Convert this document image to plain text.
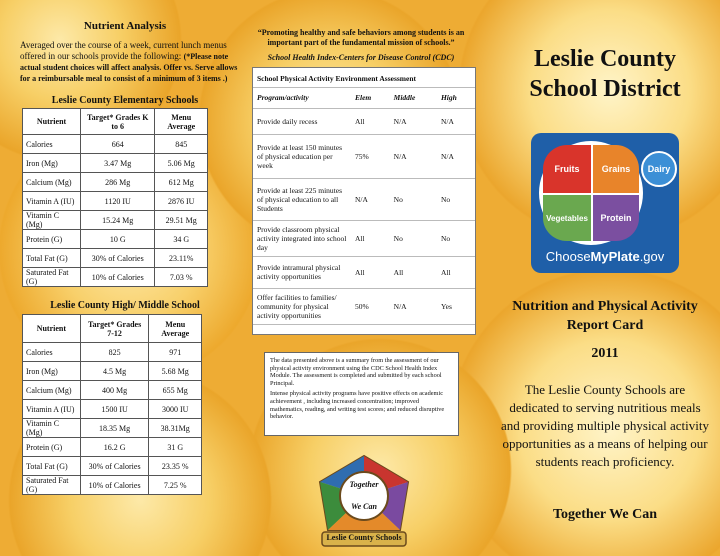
Nutrient Analysis
Averaged over the course of a week, current lunch menus offered in our schools provide the following: (*Please note actual student choices will affect analysis. Offer vs. Serve allows for a reimbursable meal to consist of a minimum of 3 items .)
Leslie County Elementary Schools
Nutrient	Target* Grades K to 6	Menu Average
Calories	664	845
Iron (Mg)	3.47 Mg	5.06 Mg
Calcium (Mg)	286 Mg	612 Mg
Vitamin A (IU)	1120 IU	2876 IU
Vitamin C (Mg)	15.24 Mg	29.51 Mg
Protein (G)	10 G	34 G
Total Fat (G)	30% of Calories	23.11%
Saturated Fat (G)	10% of Calories	7.03 %
Leslie County High/ Middle School
Nutrient	Target* Grades 7-12	Menu Average
Calories	825	971
Iron (Mg)	4.5 Mg	5.68 Mg
Calcium (Mg)	400 Mg	655 Mg
Vitamin A (IU)	1500 IU	3000 IU
Vitamin C (Mg)	18.35 Mg	38.31Mg
Protein (G)	16.2 G	31 G
Total Fat (G)	30% of Calories	23.35 %
Saturated Fat (G)	10% of Calories	7.25 %
“Promoting healthy and safe behaviors among students is an important part of the fundamental mission of schools.”
School Health Index-Centers for Disease Control (CDC)
School Physical Activity Environment Assessment
Program/activity	Elem	Middle	High
Provide daily recess	All	N/A	N/A
Provide at least 150 minutes of physical education per week	75%	N/A	N/A
Provide at least 225 minutes of physical education to all Students	N/A	No	No
Provide classroom physical activity integrated into school day	All	No	No
Provide intramural physical activity opportunities	All	All	All
Offer facilities to families/ community for physical activity opportunities	50%	N/A	Yes
The data presented above is a summary from the assessment of our physical activity environment using the CDC School Health Index Module. The assessment is completed and submitted by each school Principal.
Intense physical activity programs have positive effects on academic achievement , including increased concentration; improved mathematics, reading, and writing test scores; and reduced disruptive behavior.
Together
We Can
Leslie County Schools
Leslie County
School District
Fruits	Grains
Vegetables	Protein
Dairy
ChooseMyPlate.gov
Nutrition and Physical Activity Report Card
2011
The Leslie County Schools are dedicated to serving nutritious meals and providing multiple physical activity opportunities as a means of helping our students reach proficiency.
Together We Can
